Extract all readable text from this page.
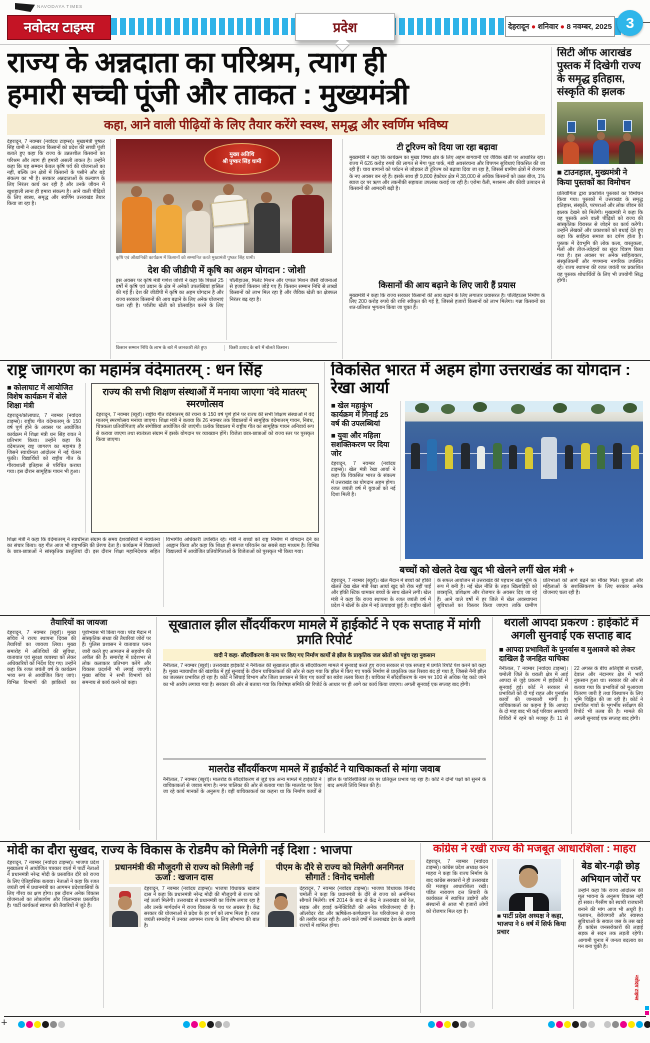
NAVODAYA TIMES
नवोदय टाइम्स	प्रदेश	देहरादून ● शनिवार ● 8 नवम्बर, 2025 3
राज्य के अन्नदाता का परिश्रम, त्याग ही
हमारी सच्ची पूंजी और ताकत : मुख्यमंत्री
कहा, आने वाली पीढ़ियों के लिए तैयार करेंगे स्वस्थ, समृद्ध और स्वर्णिम भविष्य
देहरादून, 7 नवम्बर (नवोदय टाइम्स)। मुख्यमंत्री पुष्कर सिंह धामी ने अन्नदाता किसानों को प्रदेश की सच्ची पूंजी बताते हुए कहा कि राज्य के उन्नतशील किसानों का परिश्रम और त्याग ही हमारी असली ताकत है। उन्होंने कहा कि यह सम्मान केवल कृषि पर्व की योजनाओं का नहीं, बल्कि उन क्षेत्रों में किसानों के पसीने और बड़े संकल्प का भी है। सरकार अन्नदाताओं के कल्याण के लिए निरंतर कार्य कर रही है और उनके जीवन में खुशहाली लाना ही हमारा संकल्प है। आने वाली पीढ़ियों के लिए स्वस्थ, समृद्ध और स्वर्णिम उत्तराखंड तैयार किया जा रहा है।
मुख्य अतिथि
श्री पुष्कर सिंह धामी
कृषि एवं औद्यानिकी कार्यक्रम में किसानों को सम्मानित करते मुख्यमंत्री पुष्कर सिंह धामी।
देश की जीडीपी में कृषि का अहम योगदान : जोशी
इस अवसर पर कृषि मंत्री गणेश जोशी ने कहा कि पिछले 25 वर्षों में कृषि एवं उद्यान के क्षेत्र में अनेकों उपलब्धियां हासिल की गई हैं। देश की जीडीपी में कृषि का अहम योगदान है और राज्य सरकार किसानों की आय बढ़ाने के लिए अनेक योजनाएं चला रही है। पर्वतीय खेती को प्रोत्साहित करने के लिए पॉलीहाउस, मिलेट मिशन और एप्पल मिशन जैसी योजनाओं से हजारों किसान जोड़े गए हैं। किसान सम्मान निधि से लाखों किसानों को लाभ मिल रहा है और जैविक खेती का क्षेत्रफल निरंतर बढ़ रहा है।
किसान सम्मान निधि के लाभ के बारे में जानकारी लेते हुए।	किसी उत्पाद के बारे में बोलते किसान।
टी टूरिज्म को दिया जा रहा बढ़ावा
मुख्यमंत्री ने कहा कि कार्यक्रम का मुख्य विषय क्षेत्र के लिए अहम बागवानी एवं जैविक खेती पर आधारित रहा। राज्य में 626 करोड़ रुपये की लागत से मेगा फूड पार्क, मंडी अवसंरचना और विपणन सुविधाएं विकसित की जा रही हैं। चाय बागानों को पर्यटन से जोड़कर टी टूरिज्म को बढ़ावा दिया जा रहा है, जिससे ग्रामीण क्षेत्रों में रोजगार के नए अवसर बन रहे हैं। इसके साथ ही 9,800 हेक्टेयर क्षेत्र में 38,000 से अधिक किसानों को उन्नत बीज, 1% ब्याज दर पर ऋण और तकनीकी सहायता उपलब्ध कराई जा रही है। एरोमा वैली, मशरूम और कीवी उत्पादन से किसानों की आमदनी बढ़ी है।
किसानों की आय बढ़ाने के लिए जारी हैं प्रयास
मुख्यमंत्री ने कहा कि राज्य सरकार किसानों की आय बढ़ाने के लिए लगातार प्रयासरत है। पॉलीहाउस निर्माण के लिए 200 करोड़ रुपये की राशि स्वीकृत की गई है, जिससे हजारों किसानों को लाभ मिलेगा। गन्ना किसानों का शत-प्रतिशत भुगतान किया जा चुका है।
सिटी ऑफ आराखंड पुस्तक में दिखेगी राज्य के समृद्ध इतिहास, संस्कृति की झलक
■ टाउनहाल, मुख्यमंत्री ने किया पुस्तकों का विमोचन
प्रतियोगिता द्वारा प्रकाशित पुस्तकों का विमोचन किया गया। पुस्तकों में उत्तराखंड के समृद्ध इतिहास, संस्कृति, परंपराओं और लोक जीवन की झलक देखने को मिलेगी। मुख्यमंत्री ने कहा कि यह पुस्तकें आने वाली पीढ़ियों को राज्य की सांस्कृतिक विरासत से जोड़ने का कार्य करेंगी। उन्होंने लेखकों और प्रकाशकों को बधाई देते हुए कहा कि साहित्य समाज का दर्पण होता है। पुस्तक में देवभूमि की लोक कला, वास्तुकला, मेलों और तीज-त्योहारों का सुंदर चित्रण किया गया है। इस अवसर पर अनेक साहित्यकार, संस्कृतिकर्मी और गणमान्य नागरिक उपस्थित रहे। राज्य स्थापना की रजत जयंती पर प्रकाशित यह पुस्तक शोधार्थियों के लिए भी उपयोगी सिद्ध होगी।
राष्ट्र जागरण का महामंत्र वंदेमातरम् : धन सिंह
■ कोलाघाट में आयोजित विशेष कार्यक्रम में बोले शिक्षा मंत्री
देहरादून/कोलाघाट, 7 नवम्बर (नवोदय टाइम्स)। राष्ट्रीय गीत वंदेमातरम् के 150 वर्ष पूर्ण होने के अवसर पर आयोजित कार्यक्रम में शिक्षा मंत्री धन सिंह रावत ने प्रतिभाग किया। उन्होंने कहा कि वंदेमातरम् राष्ट्र जागरण का महामंत्र है जिसने स्वाधीनता आंदोलन में नई चेतना फूंकी। विद्यार्थियों को राष्ट्रीय गीत के गौरवशाली इतिहास से परिचित कराया गया। इस दौरान सामूहिक गायन भी हुआ।
राज्य की सभी शिक्षण संस्थाओं में मनाया जाएगा 'वंदे मातरम्' स्मरणोत्सव
देहरादून, 7 नवम्बर (ब्यूरो)। राष्ट्रीय गीत वंदेमातरम् की रचना के 150 वर्ष पूर्ण होने पर राज्य की सभी शिक्षण संस्थाओं में वंदे मातरम् स्मरणोत्सव मनाया जाएगा। शिक्षा मंत्री ने बताया कि 26 नवम्बर तक विद्यालयों में सामूहिक वंदेमातरम् गायन, निबंध, चित्रकला प्रतियोगिताएं और संगोष्ठियां आयोजित की जाएंगी। प्रत्येक विद्यालय में राष्ट्रीय गीत का सामूहिक गायन अनिवार्य रूप से कराया जाएगा तथा स्वतंत्रता संग्राम में इसके योगदान पर व्याख्यान होंगे। विजेता छात्र-छात्राओं को राज्य स्तर पर पुरस्कृत किया जाएगा।
शिक्षा मंत्री ने कहा कि वंदेमातरम् ने स्वाधीनता संग्राम के समय देशवासियों में नवचेतना का संचार किया। यह गीत आज भी राष्ट्रभक्ति की प्रेरणा देता है। कार्यक्रम में विद्यालयों के छात्र-छात्राओं ने सांस्कृतिक प्रस्तुतियां दीं। इस दौरान शिक्षा महानिदेशक सहित विभागीय अधिकारी उपस्थित रहे। मंत्री ने बच्चों को राष्ट्र निर्माण में योगदान देने का आह्वान किया और कहा कि शिक्षा ही समाज परिवर्तन का सबसे बड़ा माध्यम है। विभिन्न विद्यालयों में आयोजित प्रतियोगिताओं के विजेताओं को पुरस्कृत भी किया गया।
विकसित भारत में अहम होगा उत्तराखंड का योगदान : रेखा आर्या
■ खेल महाकुंभ कार्यक्रम में गिनाईं 25 वर्ष की उपलब्धियां
■ युवा और महिला सशक्तिकरण पर दिया जोर
देहरादून, 7 नवम्बर (नवोदय टाइम्स)। खेल मंत्री रेखा आर्या ने कहा कि विकसित भारत के संकल्प में उत्तराखंड का योगदान अहम होगा। रजत जयंती वर्ष में युवाओं को नई दिशा मिली है।
बच्चों को खेलते देख खुद भी खेलने लगीं खेल मंत्री +
देहरादून, 7 नवम्बर (ब्यूरो)। खेल मैदान में बच्चों को हॉकी खेलते देख खेल मंत्री रेखा आर्या खुद को रोक नहीं पाईं और हॉकी स्टिक थामकर बच्चों के साथ खेलने लगीं। खेल मंत्री ने कहा कि राज्य स्थापना के रजत जयंती वर्ष में प्रदेश ने खेलों के क्षेत्र में नई ऊंचाइयां छुई हैं। राष्ट्रीय खेलों के सफल आयोजन से उत्तराखंड की पहचान खेल भूमि के रूप में बनी है। नई खेल नीति के तहत खिलाड़ियों को छात्रवृत्ति, प्रशिक्षण और रोजगार के अवसर दिए जा रहे हैं। आने वाले वर्षों में हर जिले में खेल अवस्थापना सुविधाओं का विस्तार किया जाएगा ताकि ग्रामीण प्रतिभाओं को आगे बढ़ने का मौका मिले। युवाओं और महिलाओं के सशक्तिकरण के लिए सरकार अनेक योजनाएं चला रही है।
तैयारियों का जायजा
देहरादून, 7 नवम्बर (ब्यूरो)। मुख्य सचिव ने राज्य स्थापना दिवस की तैयारियों का जायजा लिया। मुख्य समारोह में अतिथियों की सुविधा, यातायात एवं सुरक्षा व्यवस्था को लेकर अधिकारियों को निर्देश दिए गए। उन्होंने कहा कि रजत जयंती वर्ष के कार्यक्रम भव्य रूप से आयोजित किए जाएं। विभिन्न विभागों की झांकियों का पूर्वाभ्यास भी किया गया। परेड मैदान में सांस्कृतिक संध्या की तैयारियां जोरों पर हैं। पुलिस प्रशासन ने यातायात प्लान जारी करते हुए आमजन से सहयोग की अपील की है। समारोह में प्रदेशभर से लोक कलाकार प्रतिभाग करेंगे और विकास प्रदर्शनी भी लगाई जाएगी। मुख्य सचिव ने सभी विभागों को समन्वय से कार्य करने को कहा।
सूखाताल झील सौंदर्यीकरण मामले में हाईकोर्ट ने एक सप्ताह में मांगी प्रगति रिपोर्ट
वादी ने कहा- सौंदर्यीकरण के नाम पर किए गए निर्माण कार्यों से झील के प्राकृतिक जल स्रोतों को पहुंच रहा नुकसान
नैनीताल, 7 नवम्बर (ब्यूरो)। उत्तराखंड हाईकोर्ट ने नैनीताल की सूखाताल झील के सौंदर्यीकरण मामले में सुनवाई करते हुए राज्य सरकार से एक सप्ताह में प्रगति रिपोर्ट पेश करने को कहा है। मुख्य न्यायाधीश की खंडपीठ में हुई सुनवाई के दौरान याचिकाकर्ता की ओर से कहा गया कि झील में किए गए पक्के निर्माण से प्राकृतिक जल रिसाव बंद हो गया है, जिससे नैनी झील का जलस्तर प्रभावित हो रहा है। कोर्ट ने सिंचाई विभाग और जिला प्रशासन से किए गए कार्यों का ब्योरा तलब किया है। याचिका में सौंदर्यीकरण के नाम पर 100 से अधिक पेड़ काटे जाने का भी आरोप लगाया गया है। सरकार की ओर से बताया गया कि विशेषज्ञ समिति की रिपोर्ट के आधार पर ही आगे का कार्य किया जाएगा। अगली सुनवाई एक सप्ताह बाद होगी।
मालरोड सौंदर्यीकरण मामले में हाईकोर्ट ने याचिकाकर्ता से मांगा जवाब
नैनीताल, 7 नवम्बर (ब्यूरो)। मालरोड के सौंदर्यीकरण से जुड़े एक अन्य मामले में हाईकोर्ट ने याचिकाकर्ता से जवाब मांगा है। नगर पालिका की ओर से बताया गया कि मालरोड पर किए जा रहे कार्य मानकों के अनुरूप हैं। वहीं याचिकाकर्ता का कहना था कि निर्माण कार्यों से झील के पारिस्थितिकी तंत्र पर प्रतिकूल प्रभाव पड़ रहा है। कोर्ट ने दोनों पक्षों को सुनने के बाद अगली तिथि नियत की है।
थराली आपदा प्रकरण : हाईकोर्ट में अगली सुनवाई एक सप्ताह बाद
■ आपदा प्रभावितों के पुनर्वास व मुआवजे को लेकर दाखिल है जनहित याचिका
नैनीताल, 7 नवम्बर (नवोदय टाइम्स)। चमोली जिले के थराली क्षेत्र में आई आपदा से जुड़े प्रकरण में हाईकोर्ट में सुनवाई हुई। कोर्ट ने सरकार से प्रभावितों को दी गई राहत और पुनर्वास कार्यों की जानकारी मांगी है। याचिकाकर्ता का कहना है कि आपदा के दो माह बाद भी कई परिवार अस्थायी शिविरों में रहने को मजबूर हैं। 11 से 22 अगस्त के बीच अतिवृष्टि से थराली, देवाल और नंदानगर क्षेत्र में भारी नुकसान हुआ था। सरकार की ओर से बताया गया कि प्रभावितों को मुआवजा वितरण जारी है तथा विस्थापन के लिए भूमि चिह्नित की जा रही है। कोर्ट ने प्रभावित गांवों के भूगर्भीय सर्वेक्षण की रिपोर्ट भी तलब की है। मामले की अगली सुनवाई एक सप्ताह बाद होगी।
मोदी का दौरा सुखद, राज्य के विकास के रोडमैप को मिलेगी नई दिशा : भाजपा
देहरादून, 7 नवम्बर (नवोदय टाइम्स)। भाजपा प्रदेश मुख्यालय में आयोजित पत्रकार वार्ता में पार्टी नेताओं ने प्रधानमंत्री नरेन्द्र मोदी के प्रस्तावित दौरे को राज्य के लिए ऐतिहासिक बताया। नेताओं ने कहा कि रजत जयंती वर्ष में प्रधानमंत्री का आगमन प्रदेशवासियों के लिए गौरव का क्षण होगा। इस दौरान अनेक विकास योजनाओं का लोकार्पण और शिलान्यास प्रस्तावित है। पार्टी कार्यकर्ता स्वागत की तैयारियों में जुटे हैं।
प्रधानमंत्री की मौजूदगी से राज्य को मिलेगी नई ऊर्जा : खजान दास
देहरादून, 7 नवम्बर (नवोदय टाइम्स)। भाजपा विधायक खजान दास ने कहा कि प्रधानमंत्री नरेन्द्र मोदी की मौजूदगी से राज्य को नई ऊर्जा मिलेगी। उत्तराखंड से प्रधानमंत्री का विशेष लगाव रहा है और उनके मार्गदर्शन में राज्य विकास के पथ पर अग्रसर है। केंद्र सरकार की योजनाओं से प्रदेश के हर वर्ग को लाभ मिला है। रजत जयंती समारोह में उनका आगमन राज्य के लिए सौभाग्य की बात है।
पीएम के दौरे से राज्य को मिलेगी अनगिनत सौगातें : विनोद चमोली
देहरादून, 7 नवम्बर (नवोदय टाइम्स)। भाजपा विधायक विनोद चमोली ने कहा कि प्रधानमंत्री के दौरे से राज्य को अनगिनत सौगातें मिलेंगी। वर्ष 2014 के बाद से केंद्र ने उत्तराखंड को रेल, सड़क और हवाई कनेक्टिविटी की अनेक परियोजनाएं दी हैं। ऑलवेदर रोड और ऋषिकेश-कर्णप्रयाग रेल परियोजना से राज्य की तस्वीर बदल रही है। आने वाले वर्षों में उत्तराखंड देश के अग्रणी राज्यों में शामिल होगा।
कांग्रेस ने रखी राज्य की मजबूत आधारशिला : माहरा
देहरादून, 7 नवम्बर (नवोदय टाइम्स)। कांग्रेस प्रदेश अध्यक्ष करन माहरा ने कहा कि राज्य निर्माण के बाद कांग्रेस सरकारों ने ही उत्तराखंड की मजबूत आधारशिला रखी। पंडित नारायण दत्त तिवारी के कार्यकाल में स्थापित उद्योगों और संस्थानों से आज भी हजारों लोगों को रोजगार मिल रहा है।
■ पार्टी प्रदेश अध्यक्ष ने कहा, भाजपा ने 6 वर्ष में सिर्फ किया प्रचार
बेड बोर-गढ़ी छोड़ अभियान जोरों पर
उन्होंने कहा कि राज्य आंदोलन की मूल भावना के अनुरूप विकास नहीं हो सका। गैरसैंण को स्थायी राजधानी बनाने की मांग आज भी अधूरी है। पलायन, बेरोजगारी और स्वास्थ्य सुविधाओं के सवाल जस के तस खड़े हैं। कांग्रेस जनसरोकारों की लड़ाई सड़क से सदन तक लड़ती रहेगी। आगामी चुनाव में जनता बदलाव का मन बना चुकी है।
+
नवोदय टाइम्स
